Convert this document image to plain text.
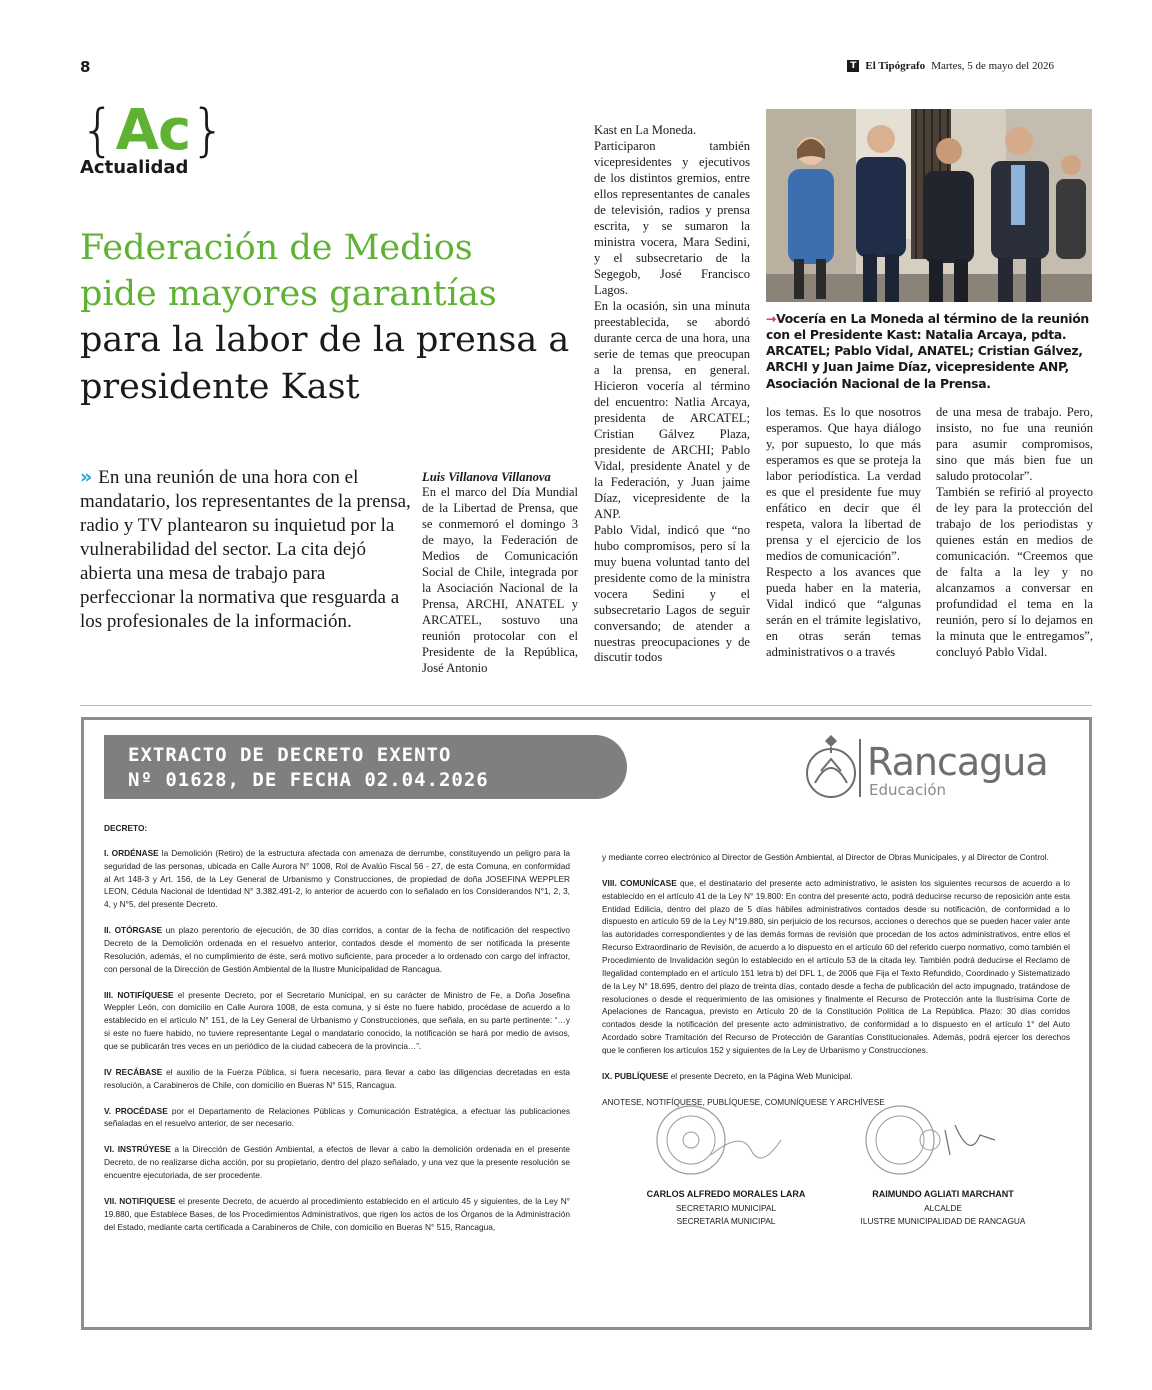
8	T El Tipógrafo Martes, 5 de mayo del 2026
{Ac}
Actualidad
Federación de Medios
pide mayores garantías
para la labor de la prensa a
presidente Kast
» En una reunión de una hora con el mandatario, los representantes de la prensa, radio y TV plantearon su inquietud por la vulnerabilidad del sector. La cita dejó abierta una mesa de trabajo para perfeccionar la normativa que resguarda a los profesionales de la información.
Luis Villanova Villanova

En el marco del Día Mundial de la Libertad de Prensa, que se conmemoró el domingo 3 de mayo, la Federación de Medios de Comunicación Social de Chile, integrada por la Asociación Nacional de la Prensa, ARCHI, ANATEL y ARCATEL, sostuvo una reunión protocolar con el Presidente de la República, José Antonio

Kast en La Moneda.

Participaron también vicepresidentes y ejecutivos de los distintos gremios, entre ellos representantes de canales de televisión, radios y prensa escrita, y se sumaron la ministra vocera, Mara Sedini, y el subsecretario de la Segegob, José Francisco Lagos.

En la ocasión, sin una minuta preestablecida, se abordó durante cerca de una hora, una serie de temas que preocupan a la prensa, en general. Hicieron vocería al término del encuentro: Natlia Arcaya, presidenta de ARCATEL; Cristian Gálvez Plaza, presidente de ARCHI; Pablo Vidal, presidente Anatel y de la Federación, y Juan jaime Díaz, vicepresidente de la ANP.

Pablo Vidal, indicó que “no hubo compromisos, pero sí la muy buena voluntad tanto del presidente como de la ministra vocera Sedini y el subsecretario Lagos de seguir conversando; de atender a nuestras preocupaciones y de discutir todos

los temas. Es lo que nosotros esperamos. Que haya diálogo y, por supuesto, lo que más esperamos es que se proteja la labor periodística. La verdad es que el presidente fue muy enfático en decir que él respeta, valora la libertad de prensa y el ejercicio de los medios de comunicación”.

Respecto a los avances que pueda haber en la materia, Vidal indicó que “algunas serán en el trámite legislativo, en otras serán temas administrativos o a través

de una mesa de trabajo. Pero, insisto, no fue una reunión para asumir compromisos, sino que más bien fue un saludo protocolar”.

También se refirió al proyecto de ley para la protección del trabajo de los periodistas y quienes están en medios de comunicación. “Creemos que de falta a la ley y no alcanzamos a conversar en profundidad el tema en la reunión, pero sí lo dejamos en la minuta que le entregamos”, concluyó Pablo Vidal.

→Vocería en La Moneda al término de la reunión con el Presidente Kast: Natalia Arcaya, pdta. ARCATEL; Pablo Vidal, ANATEL; Cristian Gálvez, ARCHI y Juan Jaime Díaz, vicepresidente ANP, Asociación Nacional de la Prensa.
EXTRACTO DE DECRETO EXENTO
Nº 01628, DE FECHA 02.04.2026	Rancagua
Educación

DECRETO:

I. ORDÉNASE la Demolición (Retiro) de la estructura afectada con amenaza de derrumbe, constituyendo un peligro para la seguridad de las personas, ubicada en Calle Aurora N° 1008, Rol de Avalúo Fiscal 56 - 27, de esta Comuna, en conformidad al Art 148-3 y Art. 156, de la Ley General de Urbanismo y Construcciones, de propiedad de doña JOSEFINA WEPPLER LEON, Cédula Nacional de Identidad N° 3.382.491-2, lo anterior de acuerdo con lo señalado en los Considerandos N°1, 2, 3, 4, y N°5, del presente Decreto.

II. OTÓRGASE un plazo perentorio de ejecución, de 30 días corridos, a contar de la fecha de notificación del respectivo Decreto de la Demolición ordenada en el resuelvo anterior, contados desde el momento de ser notificada la presente Resolución, además, el no cumplimiento de éste, será motivo suficiente, para proceder a lo ordenado con cargo del infractor, con personal de la Dirección de Gestión Ambiental de la Ilustre Municipalidad de Rancagua.

III. NOTIFÍQUESE el presente Decreto, por el Secretario Municipal, en su carácter de Ministro de Fe, a Doña Josefina Weppler León, con domicilio en Calle Aurora 1008, de esta comuna, y si éste no fuere habido, procédase de acuerdo a lo establecido en el artículo N° 151, de la Ley General de Urbanismo y Construcciones, que señala, en su parte pertinente: “…y si este no fuere habido, no tuviere representante Legal o mandatario conocido, la notificación se hará por medio de avisos, que se publicarán tres veces en un periódico de la ciudad cabecera de la provincia…”.

IV RECÁBASE el auxilio de la Fuerza Pública, si fuera necesario, para llevar a cabo las diligencias decretadas en esta resolución, a Carabineros de Chile, con domicilio en Bueras N° 515, Rancagua.

V. PROCÉDASE por el Departamento de Relaciones Públicas y Comunicación Estratégica, a efectuar las publicaciones señaladas en el resuelvo anterior, de ser necesario.

VI. INSTRÚYESE a la Dirección de Gestión Ambiental, a efectos de llevar a cabo la demolición ordenada en el presente Decreto, de no realizarse dicha acción, por su propietario, dentro del plazo señalado, y una vez que la presente resolución se encuentre ejecutoriada, de ser procedente.

VII. NOTIFIQUESE el presente Decreto, de acuerdo al procedimiento establecido en el articulo 45 y siguientes, de la Ley N° 19.880, que Establece Bases, de los Procedimientos Administrativos, que rigen los actos de los Órganos de la Administración del Estado, mediante carta certificada a Carabineros de Chile, con domicilio en Bueras N° 515, Rancagua,

y mediante correo electrónico al Director de Gestión Ambiental, al Director de Obras Municipales, y al Director de Control.

VIII. COMUNÍCASE que, el destinatario del presente acto administrativo, le asisten los siguientes recursos de acuerdo a lo establecido en el artículo 41 de la Ley N° 19.800: En contra del presente acto, podrá deducirse recurso de reposición ante esta Entidad Edilicia, dentro del plazo de 5 días hábiles administrativos contados desde su notificación, de conformidad a lo dispuesto en artículo 59 de la Ley N°19.880, sin perjuicio de los recursos, acciones o derechos que se pueden hacer valer ante las autoridades correspondientes y de las demás formas de revisión que procedan de los actos administrativos, entre ellos el Recurso Extraordinario de Revisión, de acuerdo a lo dispuesto en el artículo 60 del referido cuerpo normativo, como también el Procedimiento de Invalidación según lo establecido en el artículo 53 de la citada ley. También podrá deducirse el Reclamo de Ilegalidad contemplado en el artículo 151 letra b) del DFL 1, de 2006 que Fija el Texto Refundido, Coordinado y Sistematizado de la Ley N° 18.695, dentro del plazo de treinta días, contado desde a fecha de publicación del acto impugnado, tratándose de resoluciones o desde el requerimiento de las omisiones y finalmente el Recurso de Protección ante la Ilustrísima Corte de Apelaciones de Rancagua, previsto en Artículo 20 de la Constitución Política de La República. Plazo: 30 días corridos contados desde la notificación del presente acto administrativo, de conformidad a lo dispuesto en el artículo 1° del Auto Acordado sobre Tramitación del Recurso de Protección de Garantías Constitucionales. Además, podrá ejercer los derechos que le confieren los artículos 152 y siguientes de la Ley de Urbanismo y Construcciones.

IX. PUBLÍQUESE el presente Decreto, en la Página Web Municipal.

ANOTESE, NOTIFÍQUESE, PUBLÍQUESE, COMUNÍQUESE Y ARCHÍVESE

CARLOS ALFREDO MORALES LARA
SECRETARIO MUNICIPAL
SECRETARÍA MUNICIPAL
RAIMUNDO AGLIATI MARCHANT
ALCALDE
ILUSTRE MUNICIPALIDAD DE RANCAGUA
